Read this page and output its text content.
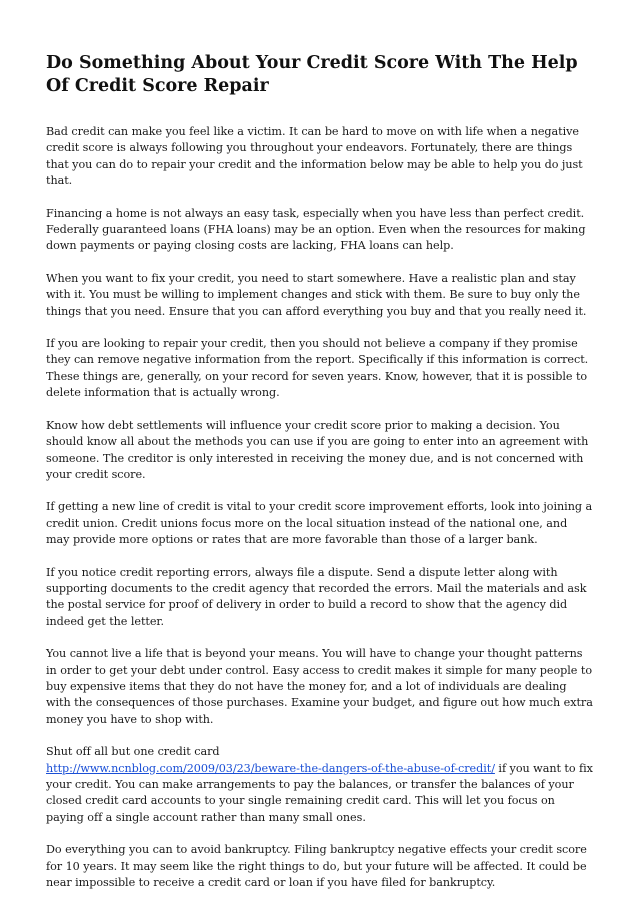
Do Something About Your Credit Score With The Help Of Credit Score Repair

Bad credit can make you feel like a victim. It can be hard to move on with life when a negative credit score is always following you throughout your endeavors. Fortunately, there are things that you can do to repair your credit and the information below may be able to help you do just that.

Financing a home is not always an easy task, especially when you have less than perfect credit. Federally guaranteed loans (FHA loans) may be an option. Even when the resources for making down payments or paying closing costs are lacking, FHA loans can help.

When you want to fix your credit, you need to start somewhere. Have a realistic plan and stay with it. You must be willing to implement changes and stick with them. Be sure to buy only the things that you need. Ensure that you can afford everything you buy and that you really need it.

If you are looking to repair your credit, then you should not believe a company if they promise they can remove negative information from the report. Specifically if this information is correct. These things are, generally, on your record for seven years. Know, however, that it is possible to delete information that is actually wrong.

Know how debt settlements will influence your credit score prior to making a decision. You should know all about the methods you can use if you are going to enter into an agreement with someone. The creditor is only interested in receiving the money due, and is not concerned with your credit score.

If getting a new line of credit is vital to your credit score improvement efforts, look into joining a credit union. Credit unions focus more on the local situation instead of the national one, and may provide more options or rates that are more favorable than those of a larger bank.

If you notice credit reporting errors, always file a dispute. Send a dispute letter along with supporting documents to the credit agency that recorded the errors. Mail the materials and ask the postal service for proof of delivery in order to build a record to show that the agency did indeed get the letter.

You cannot live a life that is beyond your means. You will have to change your thought patterns in order to get your debt under control. Easy access to credit makes it simple for many people to buy expensive items that they do not have the money for, and a lot of individuals are dealing with the consequences of those purchases. Examine your budget, and figure out how much extra money you have to shop with.

Shut off all but one credit card
http://www.ncnblog.com/2009/03/23/beware-the-dangers-of-the-abuse-of-credit/ if you want to fix your credit. You can make arrangements to pay the balances, or transfer the balances of your closed credit card accounts to your single remaining credit card. This will let you focus on paying off a single account rather than many small ones.

Do everything you can to avoid bankruptcy. Filing bankruptcy negative effects your credit score for 10 years. It may seem like the right things to do, but your future will be affected. It could be near impossible to receive a credit card or loan if you have filed for bankruptcy.
